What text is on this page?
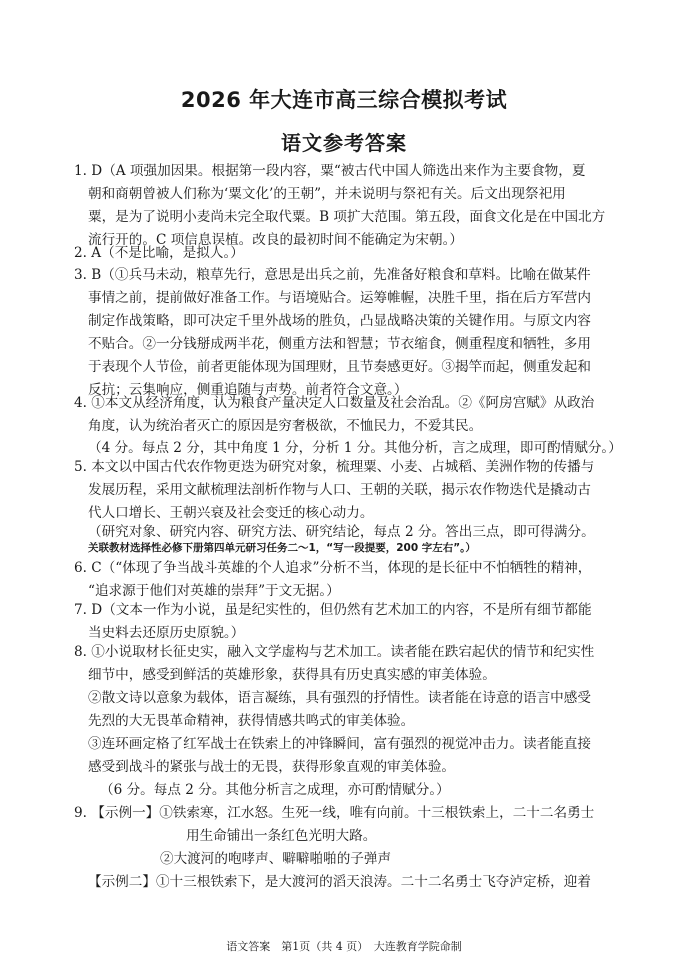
2026 年大连市高三综合模拟考试
语文参考答案
1. D（A 项强加因果。根据第一段内容，粟“被古代中国人筛选出来作为主要食物，夏
朝和商朝曾被人们称为‘粟文化’的王朝”，并未说明与祭祀有关。后文出现祭祀用
粟，是为了说明小麦尚未完全取代粟。B 项扩大范围。第五段，面食文化是在中国北方
流行开的。C 项信息误植。改良的最初时间不能确定为宋朝。）
2. A（不是比喻，是拟人。）
3. B（①兵马未动，粮草先行，意思是出兵之前，先准备好粮食和草料。比喻在做某件
事情之前，提前做好准备工作。与语境贴合。运筹帷幄，决胜千里，指在后方军营内
制定作战策略，即可决定千里外战场的胜负，凸显战略决策的关键作用。与原文内容
不贴合。②一分钱掰成两半花，侧重方法和智慧；节衣缩食，侧重程度和牺牲，多用
于表现个人节俭，前者更能体现为国理财，且节奏感更好。③揭竿而起，侧重发起和
反抗；云集响应，侧重追随与声势。前者符合文意。）
4. ①本文从经济角度，认为粮食产量决定人口数量及社会治乱。②《阿房宫赋》从政治
角度，认为统治者灭亡的原因是穷奢极欲，不恤民力，不爱其民。
（4 分。每点 2 分，其中角度 1 分，分析 1 分。其他分析，言之成理，即可酌情赋分。）
5. 本文以中国古代农作物更迭为研究对象，梳理粟、小麦、占城稻、美洲作物的传播与
发展历程，采用文献梳理法剖析作物与人口、王朝的关联，揭示农作物迭代是撬动古
代人口增长、王朝兴衰及社会变迁的核心动力。
（研究对象、研究内容、研究方法、研究结论，每点 2 分。答出三点，即可得满分。
关联教材选择性必修下册第四单元研习任务二～1，“写一段提要，200 字左右”。）
6. C（“体现了争当战斗英雄的个人追求”分析不当，体现的是长征中不怕牺牲的精神，
“追求源于他们对英雄的崇拜”于文无据。）
7. D（文本一作为小说，虽是纪实性的，但仍然有艺术加工的内容，不是所有细节都能
当史料去还原历史原貌。）
8. ①小说取材长征史实，融入文学虚构与艺术加工。读者能在跌宕起伏的情节和纪实性
细节中，感受到鲜活的英雄形象，获得具有历史真实感的审美体验。
②散文诗以意象为载体，语言凝练，具有强烈的抒情性。读者能在诗意的语言中感受
先烈的大无畏革命精神，获得情感共鸣式的审美体验。
③连环画定格了红军战士在铁索上的冲锋瞬间，富有强烈的视觉冲击力。读者能直接
感受到战斗的紧张与战士的无畏，获得形象直观的审美体验。
（6 分。每点 2 分。其他分析言之成理，亦可酌情赋分。）
9. 【示例一】①铁索寒，江水怒。生死一线，唯有向前。十三根铁索上，二十二名勇士
用生命铺出一条红色光明大路。
②大渡河的咆哮声、噼噼啪啪的子弹声
【示例二】①十三根铁索下，是大渡河的滔天浪涛。二十二名勇士飞夺泸定桥，迎着
语文答案　第1页（共 4 页）　大连教育学院命制
